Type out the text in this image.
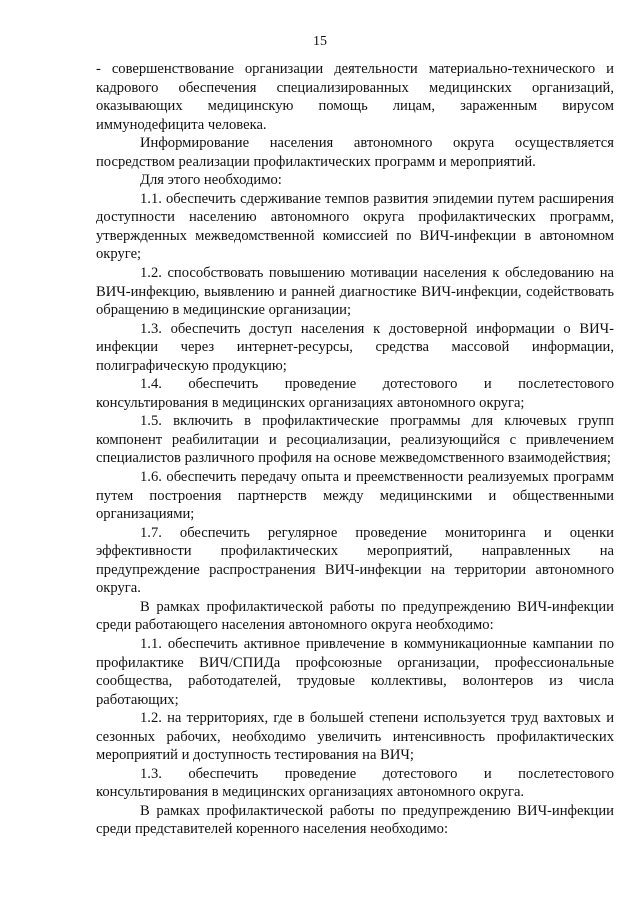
15

- совершенствование организации деятельности материально-технического и кадрового обеспечения специализированных медицинских организаций, оказывающих медицинскую помощь лицам, зараженным вирусом иммунодефицита человека.

Информирование населения автономного округа осуществляется посредством реализации профилактических программ и мероприятий.

Для этого необходимо:

1.1. обеспечить сдерживание темпов развития эпидемии путем расширения доступности населению автономного округа профилактических программ, утвержденных межведомственной комиссией по ВИЧ-инфекции в автономном округе;

1.2. способствовать повышению мотивации населения к обследованию на ВИЧ-инфекцию, выявлению и ранней диагностике ВИЧ-инфекции, содействовать обращению в медицинские организации;

1.3. обеспечить доступ населения к достоверной информации о ВИЧ-инфекции через интернет-ресурсы, средства массовой информации, полиграфическую продукцию;

1.4. обеспечить проведение дотестового и послетестового консультирования в медицинских организациях автономного округа;

1.5. включить в профилактические программы для ключевых групп компонент реабилитации и ресоциализации, реализующийся с привлечением специалистов различного профиля на основе межведомственного взаимодействия;

1.6. обеспечить передачу опыта и преемственности реализуемых программ путем построения партнерств между медицинскими и общественными организациями;

1.7. обеспечить регулярное проведение мониторинга и оценки эффективности профилактических мероприятий, направленных на предупреждение распространения ВИЧ-инфекции на территории автономного округа.

В рамках профилактической работы по предупреждению ВИЧ-инфекции среди работающего населения автономного округа необходимо:

1.1. обеспечить активное привлечение в коммуникационные кампании по профилактике ВИЧ/СПИДа профсоюзные организации, профессиональные сообщества, работодателей, трудовые коллективы, волонтеров из числа работающих;

1.2. на территориях, где в большей степени используется труд вахтовых и сезонных рабочих, необходимо увеличить интенсивность профилактических мероприятий и доступность тестирования на ВИЧ;

1.3. обеспечить проведение дотестового и послетестового консультирования в медицинских организациях автономного округа.

В рамках профилактической работы по предупреждению ВИЧ-инфекции среди представителей коренного населения необходимо:
